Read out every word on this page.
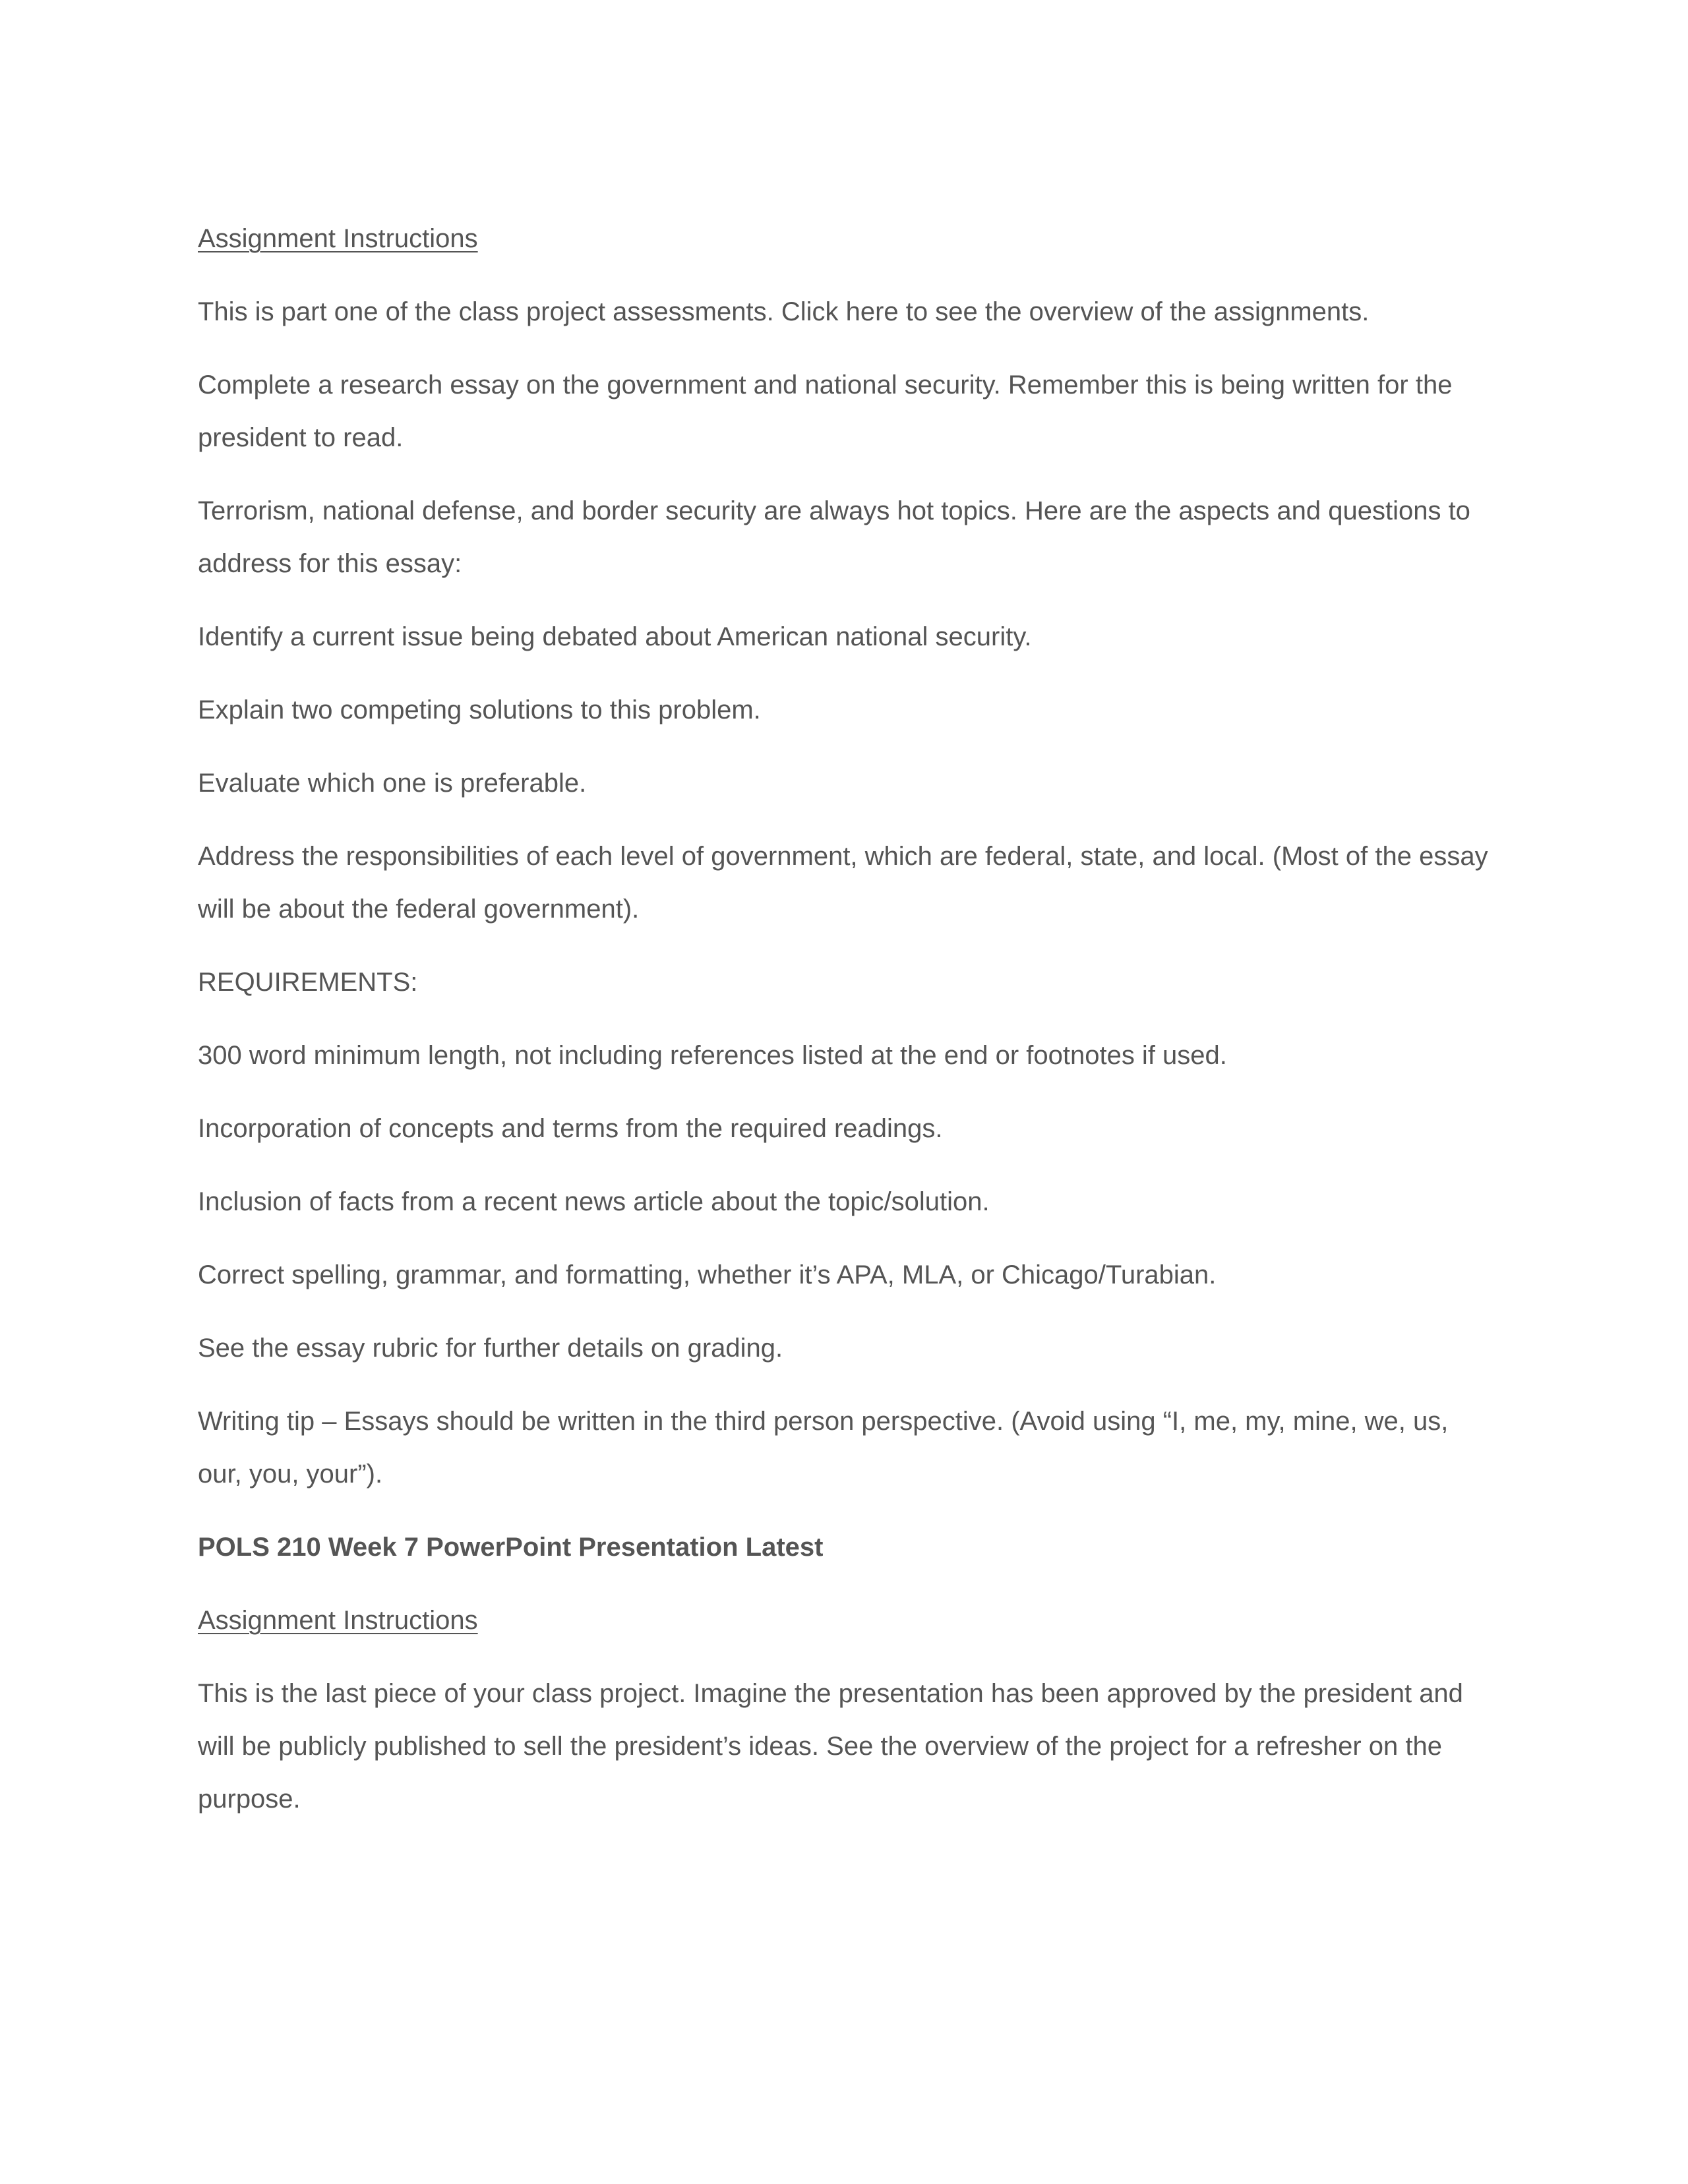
Assignment Instructions

This is part one of the class project assessments. Click here to see the overview of the assignments.

Complete a research essay on the government and national security. Remember this is being written for the president to read.

Terrorism, national defense, and border security are always hot topics. Here are the aspects and questions to address for this essay:

Identify a current issue being debated about American national security.

Explain two competing solutions to this problem.

Evaluate which one is preferable.

Address the responsibilities of each level of government, which are federal, state, and local. (Most of the essay will be about the federal government).

REQUIREMENTS:

300 word minimum length, not including references listed at the end or footnotes if used.

Incorporation of concepts and terms from the required readings.

Inclusion of facts from a recent news article about the topic/solution.

Correct spelling, grammar, and formatting, whether it’s APA, MLA, or Chicago/Turabian.

See the essay rubric for further details on grading.

Writing tip – Essays should be written in the third person perspective. (Avoid using “I, me, my, mine, we, us, our, you, your”).

POLS 210 Week 7 PowerPoint Presentation Latest

Assignment Instructions

This is the last piece of your class project. Imagine the presentation has been approved by the president and will be publicly published to sell the president’s ideas. See the overview of the project for a refresher on the purpose.
